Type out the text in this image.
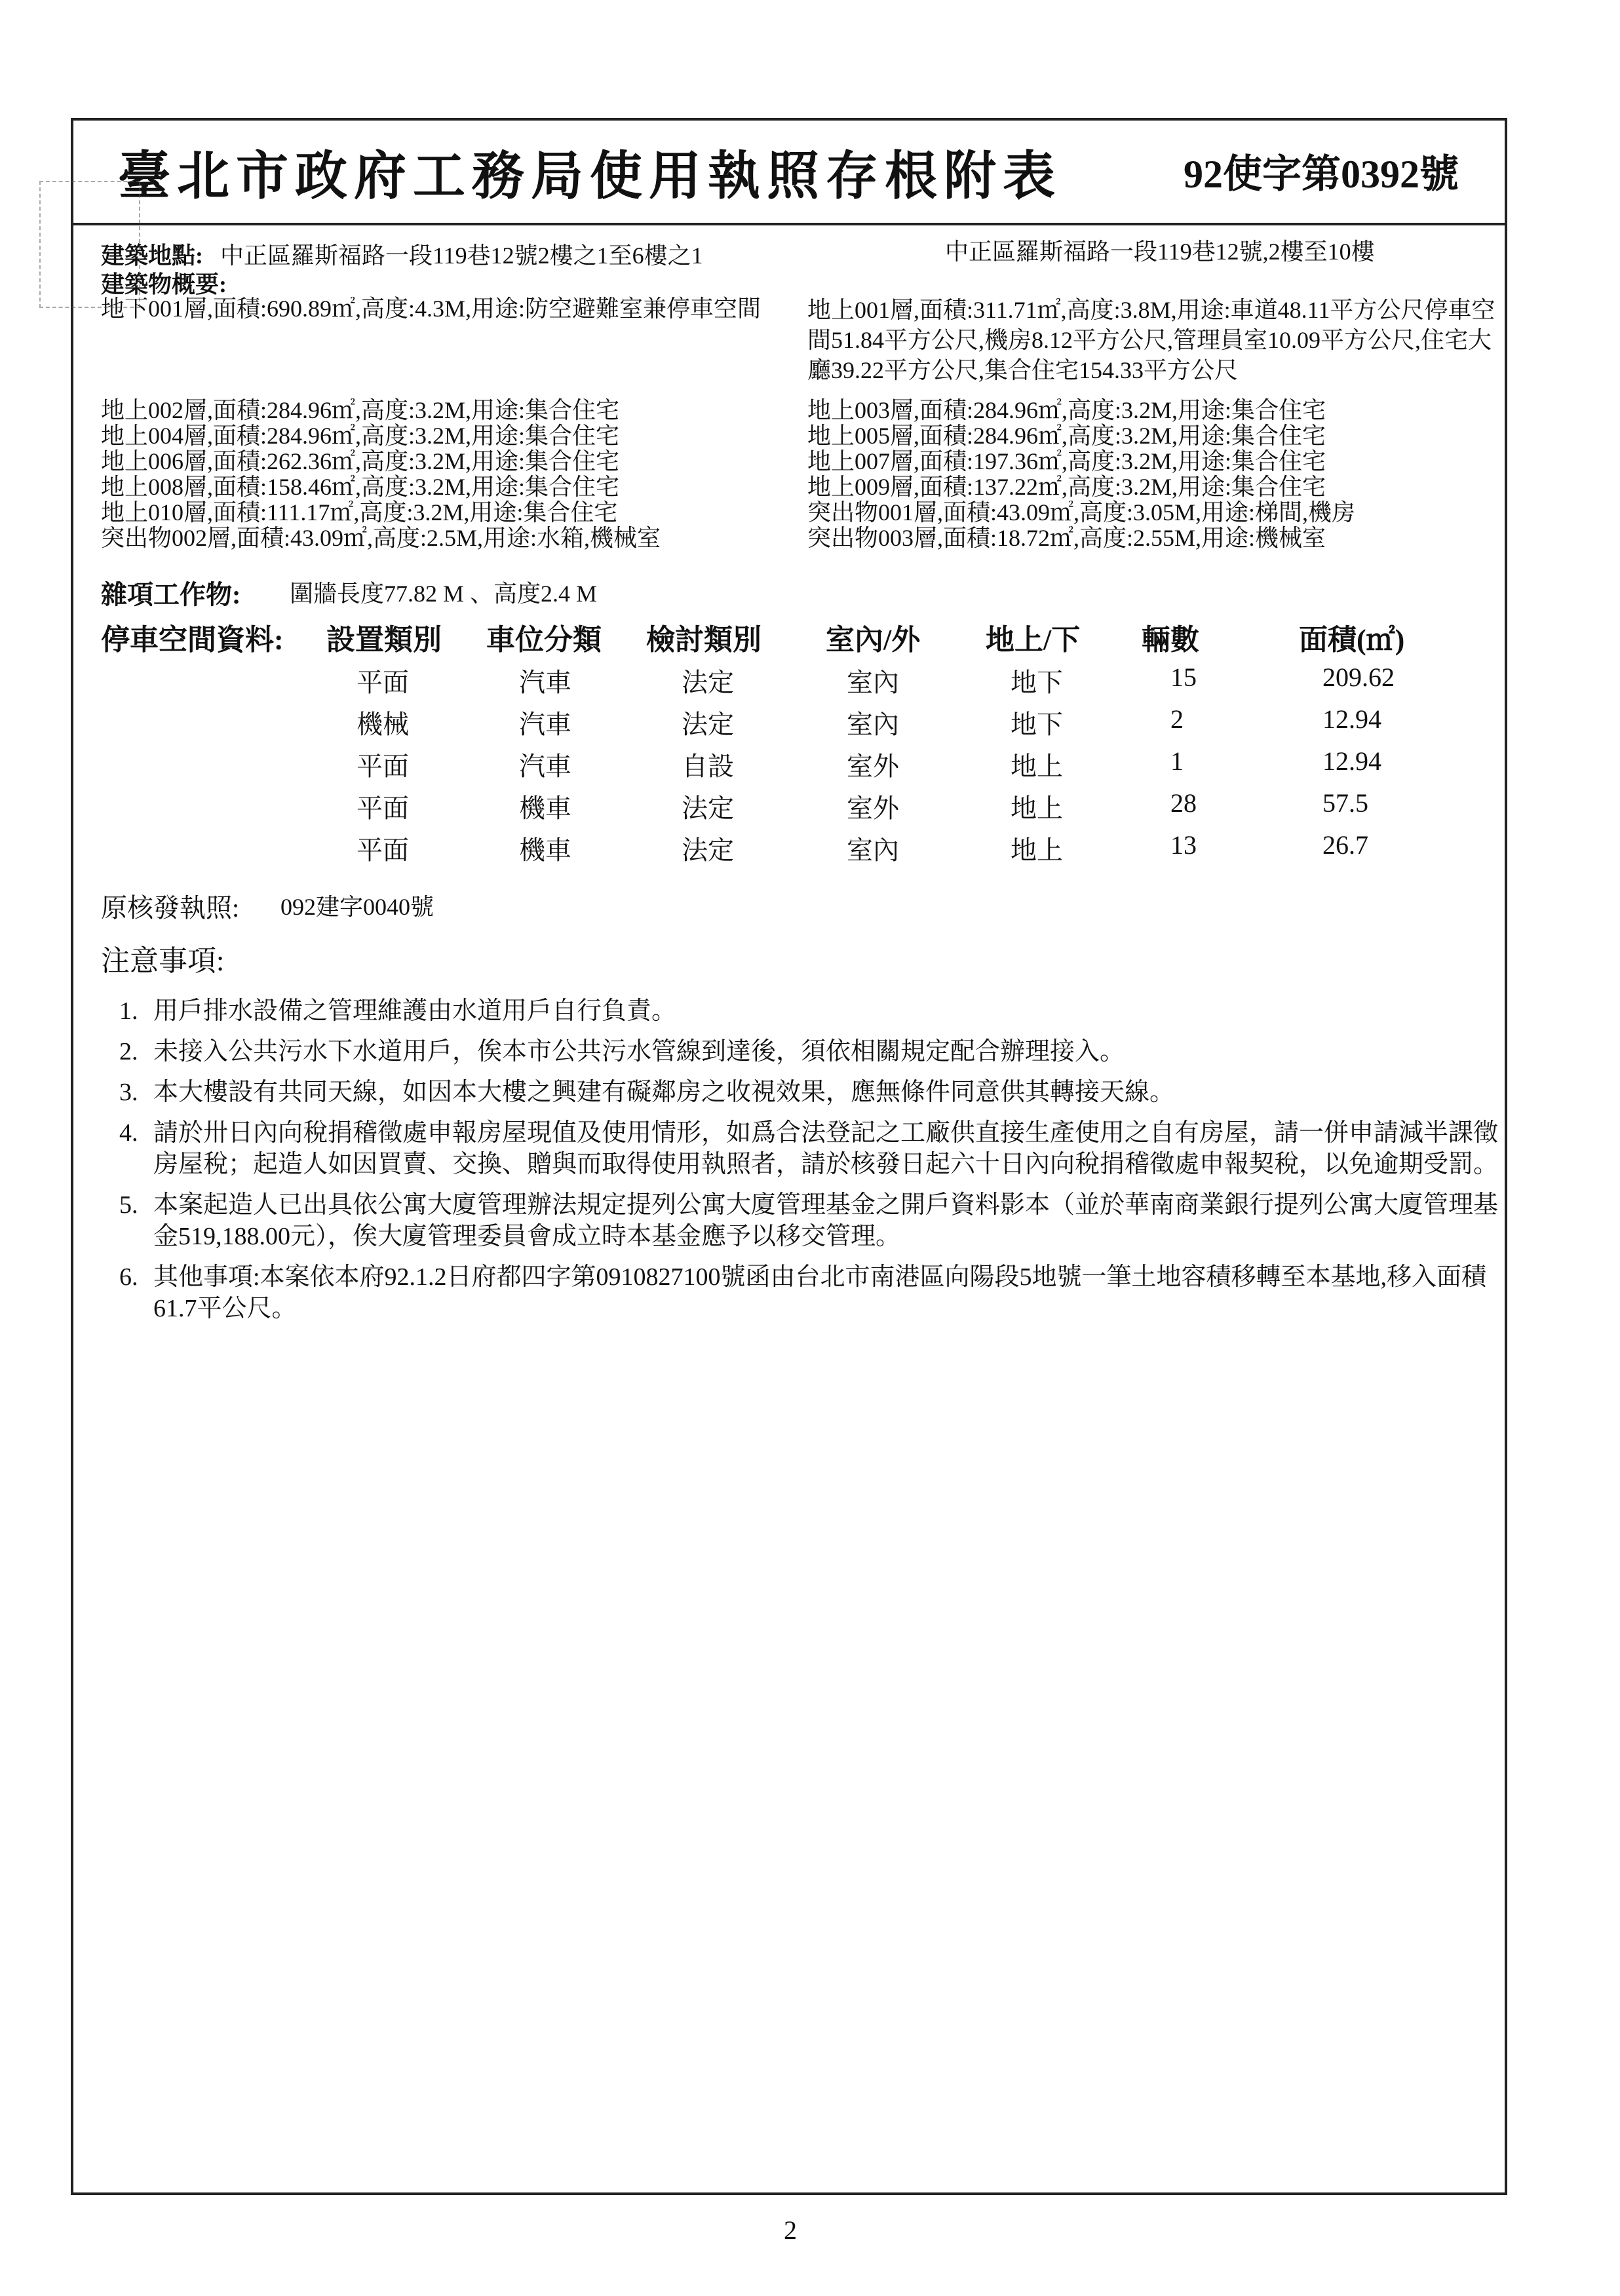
臺北市政府工務局使用執照存根附表	92使字第0392號
建築地點: 中正區羅斯福路一段119巷12號2樓之1至6樓之1	中正區羅斯福路一段119巷12號,2樓至10樓
建築物概要:
地下001層,面積:690.89㎡,高度:4.3M,用途:防空避難室兼停車空間	地上001層,面積:311.71㎡,高度:3.8M,用途:車道48.11平方公尺停車空間51.84平方公尺,機房8.12平方公尺,管理員室10.09平方公尺,住宅大廳39.22平方公尺,集合住宅154.33平方公尺
地上002層,面積:284.96㎡,高度:3.2M,用途:集合住宅
地上004層,面積:284.96㎡,高度:3.2M,用途:集合住宅
地上006層,面積:262.36㎡,高度:3.2M,用途:集合住宅
地上008層,面積:158.46㎡,高度:3.2M,用途:集合住宅
地上010層,面積:111.17㎡,高度:3.2M,用途:集合住宅
突出物002層,面積:43.09㎡,高度:2.5M,用途:水箱,機械室
地上003層,面積:284.96㎡,高度:3.2M,用途:集合住宅
地上005層,面積:284.96㎡,高度:3.2M,用途:集合住宅
地上007層,面積:197.36㎡,高度:3.2M,用途:集合住宅
地上009層,面積:137.22㎡,高度:3.2M,用途:集合住宅
突出物001層,面積:43.09㎡,高度:3.05M,用途:梯間,機房
突出物003層,面積:18.72㎡,高度:2.55M,用途:機械室
雜項工作物: 圍牆長度77.82 M 、高度2.4 M
停車空間資料: 設置類別 車位分類 檢討類別 室內/外 地上/下 輛數	面積(㎡)
平面	汽車	法定	室內	地下	15	209.62
機械	汽車	法定	室內	地下	2	12.94
平面	汽車	自設	室外	地上	1	12.94
平面	機車	法定	室外	地上	28	57.5
平面	機車	法定	室內	地上	13	26.7
原核發執照: 092建字0040號
注意事項:
1. 用戶排水設備之管理維護由水道用戶自行負責。
2. 未接入公共污水下水道用戶，俟本市公共污水管線到達後，須依相關規定配合辦理接入。
3. 本大樓設有共同天線，如因本大樓之興建有礙鄰房之收視效果，應無條件同意供其轉接天線。
4. 請於卅日內向稅捐稽徵處申報房屋現值及使用情形，如爲合法登記之工廠供直接生產使用之自有房屋，請一併申請減半課徵房屋稅；起造人如因買賣、交換、贈與而取得使用執照者，請於核發日起六十日內向稅捐稽徵處申報契稅，以免逾期受罰。
5. 本案起造人已出具依公寓大廈管理辦法規定提列公寓大廈管理基金之開戶資料影本（並於華南商業銀行提列公寓大廈管理基金519,188.00元），俟大廈管理委員會成立時本基金應予以移交管理。
6. 其他事項:本案依本府92.1.2日府都四字第0910827100號函由台北市南港區向陽段5地號一筆土地容積移轉至本基地,移入面積61.7平公尺。
2
